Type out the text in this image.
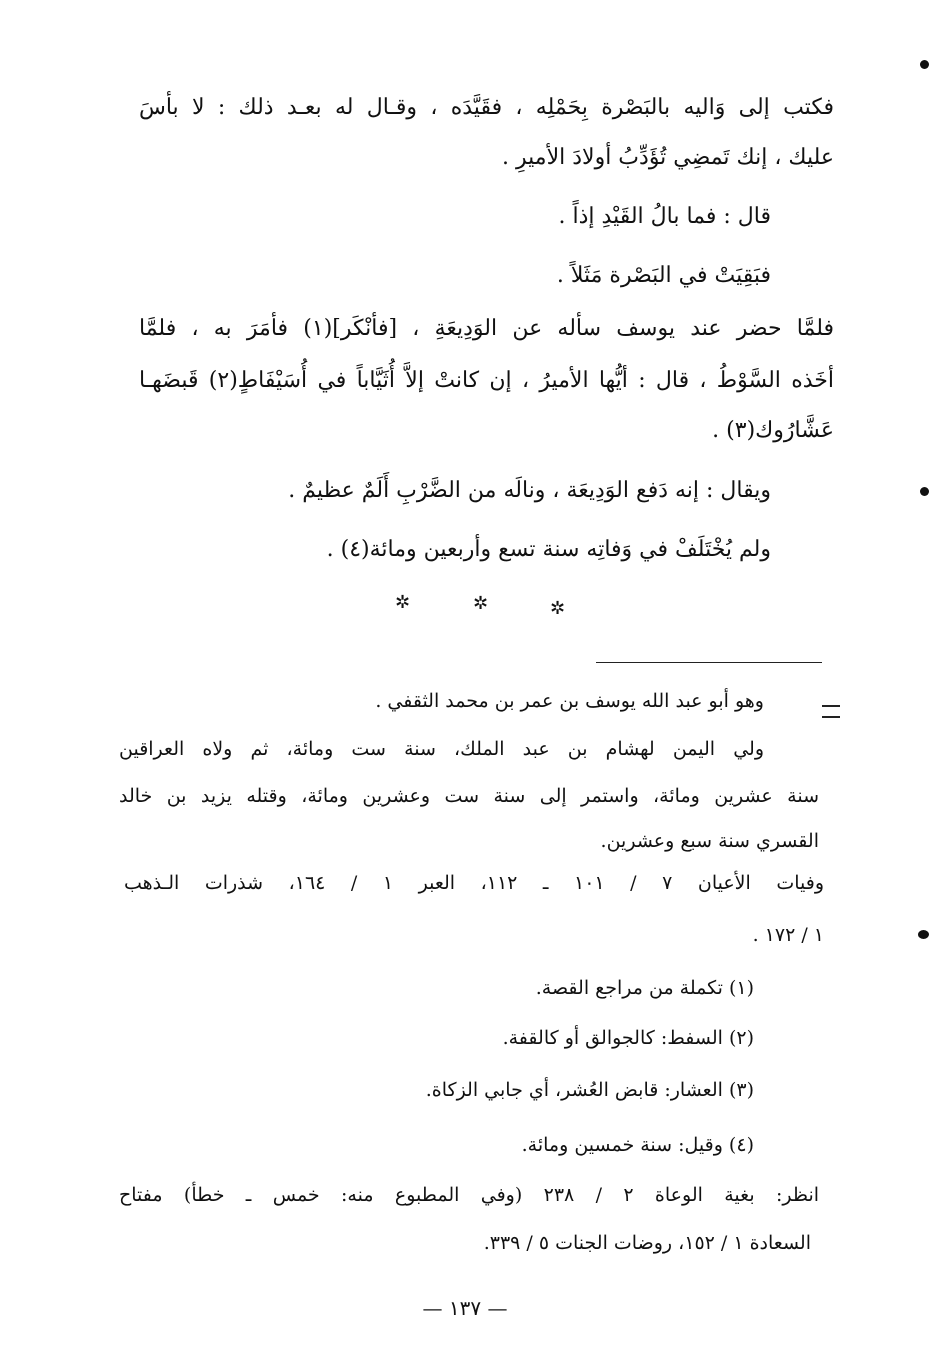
فكتب إلى وَاليه بالبَصْرة بِحَمْلِه ، فقَيَّدَه ، وقـال له بعـد ذلك : لا بأسَ
عليك ، إنك تَمضِي تُؤَدِّبُ أولادَ الأميرِ .
قال : فما بالُ القَيْدِ إذاً .
فبَقِيَتْ في البَصْرة مَثَلاً .
فلمَّا حضر عند يوسف سأله عن الوَدِيعَةِ ، [فأنْكَر](١) فأمَرَ به ، فلمَّا
أخَذه السَّوْطُ ، قال : أيُّها الأميرُ ، إن كانتْ إلاَّ أُثَيَّاباً في أُسَيْفَاطٍ(٢) قَبضَهـا
عَشَّارُوك(٣) .
ويقال : إنه دَفع الوَدِيعَة ، ونالَه من الضَّرْبِ أَلَمٌ عظيمٌ .
ولم يُخْتَلَفْ في وَفاتِه سنة تسع وأربعين ومائة(٤) .
✲	✲	✲
وهو أبو عبد الله يوسف بن عمر بن محمد الثقفي .
ولي اليمن لهشام بن عبد الملك، سنة ست ومائة، ثم ولاه العراقين
سنة عشرين ومائة، واستمر إلى سنة ست وعشرين ومائة، وقتله يزيد بن خالد
القسري سنة سبع وعشرين.
وفيات الأعيان ٧ / ١٠١ ـ ١١٢، العبر ١ / ١٦٤، شذرات الـذهب
١ / ١٧٢ .
(١) تكملة من مراجع القصة.
(٢) السفط: كالجوالق أو كالقفة.
(٣) العشار: قابض العُشر، أي جابي الزكاة.
(٤) وقيل: سنة خمسين ومائة.
انظر: بغية الوعاة ٢ / ٢٣٨ (وفي المطبوع منه: خمس ـ خطأ) مفتاح
السعادة ١ / ١٥٢، روضات الجنات ٥ / ٣٣٩.
— ١٣٧ —
